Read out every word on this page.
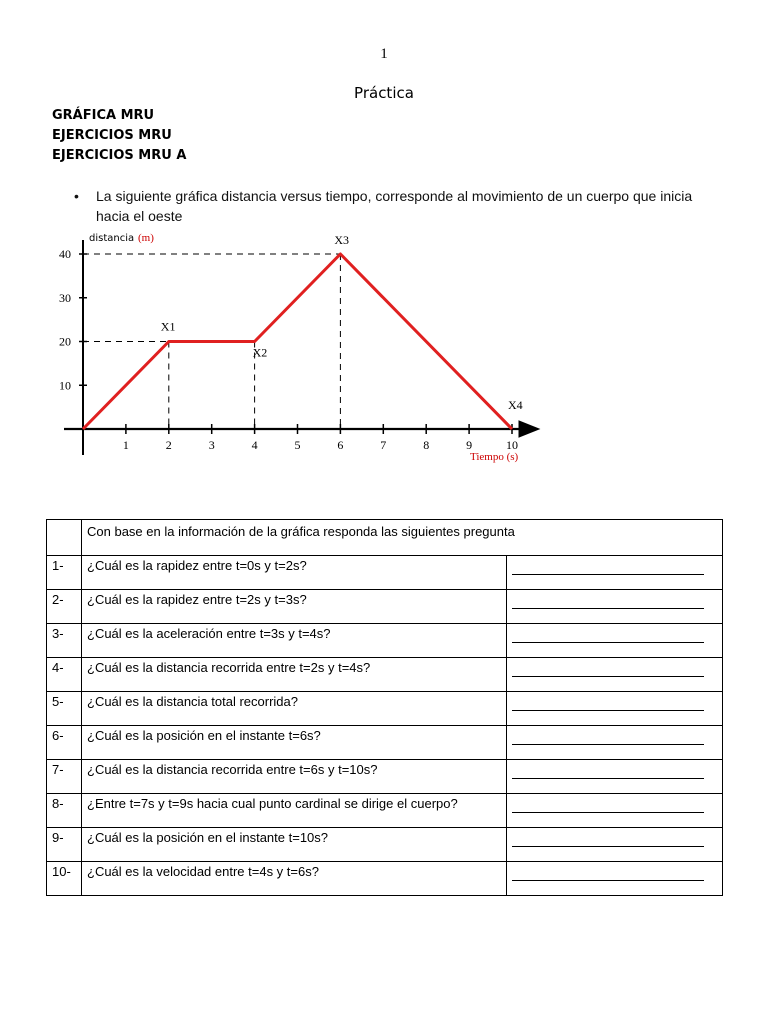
1
Práctica
GRÁFICA MRU
EJERCICIOS MRU
EJERCICIOS MRU A
• La siguiente gráfica distancia versus tiempo, corresponde al movimiento de un cuerpo que inicia hacia el oeste
1	2	3	4	5	6	7	8	9	10
10
20
30
40
X1
X2
X3
X4
distancia (m)
Tiempo (s)
	Con base en la información de la gráfica responda las siguientes pregunta	
1-	¿Cuál es la rapidez entre t=0s y t=2s?	
2-	¿Cuál es la rapidez entre t=2s y t=3s?	
3-	¿Cuál es la aceleración entre t=3s y t=4s?	
4-	¿Cuál es la distancia recorrida entre t=2s y t=4s?	
5-	¿Cuál es la distancia total recorrida?	
6-	¿Cuál es la posición en el instante t=6s?	
7-	¿Cuál es la distancia recorrida entre t=6s y t=10s?	
8-	¿Entre t=7s y t=9s hacia cual punto cardinal se dirige el cuerpo?	
9-	¿Cuál es la posición en el instante t=10s?	
10-	¿Cuál es la velocidad entre t=4s y t=6s?	
